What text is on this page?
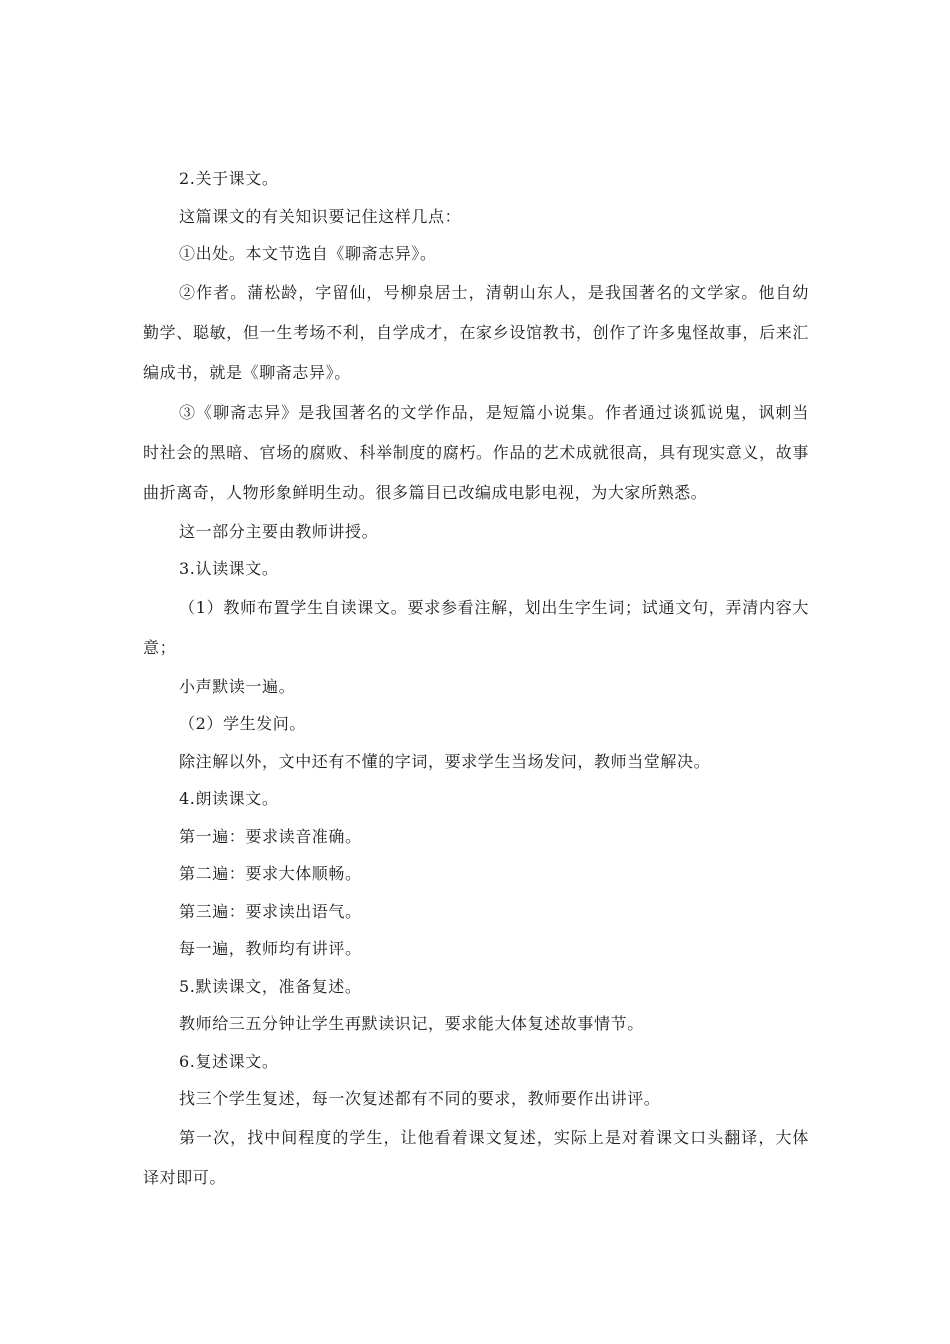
2.关于课文。

这篇课文的有关知识要记住这样几点：

①出处。本文节选自《聊斋志异》。

②作者。蒲松龄，字留仙，号柳泉居士，清朝山东人，是我国著名的文学家。他自幼勤学、聪敏，但一生考场不利，自学成才，在家乡设馆教书，创作了许多鬼怪故事，后来汇编成书，就是《聊斋志异》。

③《聊斋志异》是我国著名的文学作品，是短篇小说集。作者通过谈狐说鬼，讽刺当时社会的黑暗、官场的腐败、科举制度的腐朽。作品的艺术成就很高，具有现实意义，故事曲折离奇，人物形象鲜明生动。很多篇目已改编成电影电视，为大家所熟悉。

这一部分主要由教师讲授。

3.认读课文。

（1）教师布置学生自读课文。要求参看注解，划出生字生词；试通文句，弄清内容大意；

小声默读一遍。

（2）学生发问。

除注解以外，文中还有不懂的字词，要求学生当场发问，教师当堂解决。

4.朗读课文。

第一遍：要求读音准确。

第二遍：要求大体顺畅。

第三遍：要求读出语气。

每一遍，教师均有讲评。

5.默读课文，准备复述。

教师给三五分钟让学生再默读识记，要求能大体复述故事情节。

6.复述课文。

找三个学生复述，每一次复述都有不同的要求，教师要作出讲评。

第一次，找中间程度的学生，让他看着课文复述，实际上是对着课文口头翻译，大体译对即可。
